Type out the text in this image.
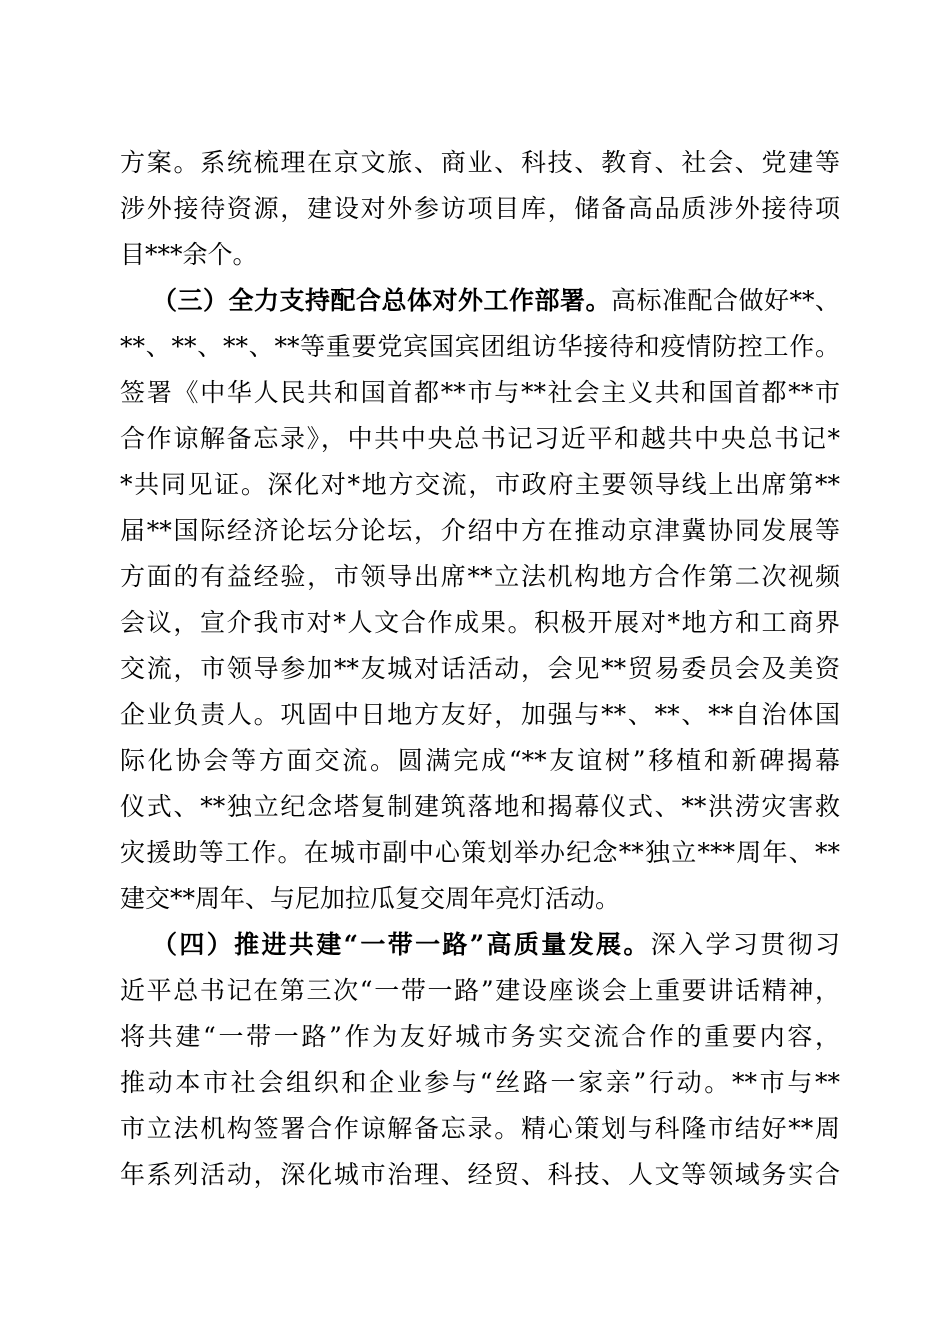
方案。系统梳理在京文旅、商业、科技、教育、社会、党建等
涉外接待资源，建设对外参访项目库，储备高品质涉外接待项
目***余个。
（三）全力支持配合总体对外工作部署。高标准配合做好**、
**、**、**、**等重要党宾国宾团组访华接待和疫情防控工作。
签署《中华人民共和国首都**市与**社会主义共和国首都**市
合作谅解备忘录》，中共中央总书记习近平和越共中央总书记*
*共同见证。深化对*地方交流，市政府主要领导线上出席第**
届**国际经济论坛分论坛，介绍中方在推动京津冀协同发展等
方面的有益经验，市领导出席**立法机构地方合作第二次视频
会议，宣介我市对*人文合作成果。积极开展对*地方和工商界
交流，市领导参加**友城对话活动，会见**贸易委员会及美资
企业负责人。巩固中日地方友好，加强与**、**、**自治体国
际化协会等方面交流。圆满完成“**友谊树”移植和新碑揭幕
仪式、**独立纪念塔复制建筑落地和揭幕仪式、**洪涝灾害救
灾援助等工作。在城市副中心策划举办纪念**独立***周年、**
建交**周年、与尼加拉瓜复交周年亮灯活动。
（四）推进共建“一带一路”高质量发展。深入学习贯彻习
近平总书记在第三次“一带一路”建设座谈会上重要讲话精神，
将共建“一带一路”作为友好城市务实交流合作的重要内容，
推动本市社会组织和企业参与“丝路一家亲”行动。**市与**
市立法机构签署合作谅解备忘录。精心策划与科隆市结好**周
年系列活动，深化城市治理、经贸、科技、人文等领域务实合
